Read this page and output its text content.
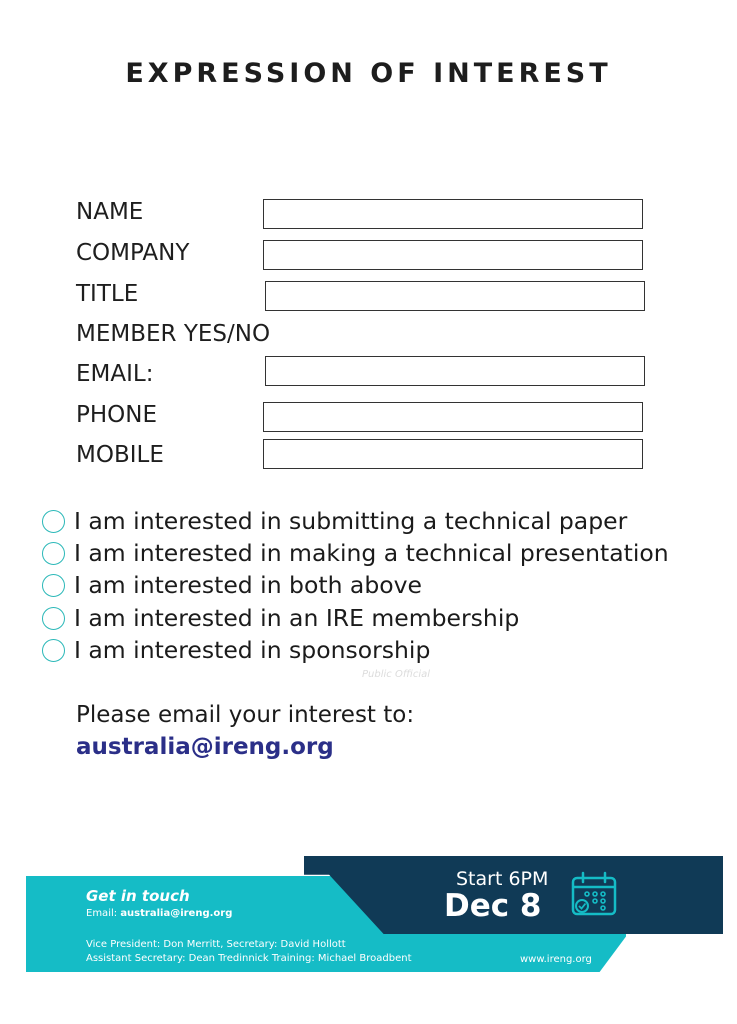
EXPRESSION OF INTEREST
NAME
COMPANY
TITLE
MEMBER YES/NO
EMAIL:
PHONE
MOBILE
I am interested in submitting a technical paper
I am interested in making a technical presentation
I am interested in both above
I am interested in an IRE membership
I am interested in sponsorship
Public Official
Please email your interest to:
australia@ireng.org
Get in touch
Email: australia@ireng.org
Vice President: Don Merritt, Secretary: David Hollott
Assistant Secretary: Dean Tredinnick Training: Michael Broadbent	www.ireng.org
Start 6PM
Dec 8
